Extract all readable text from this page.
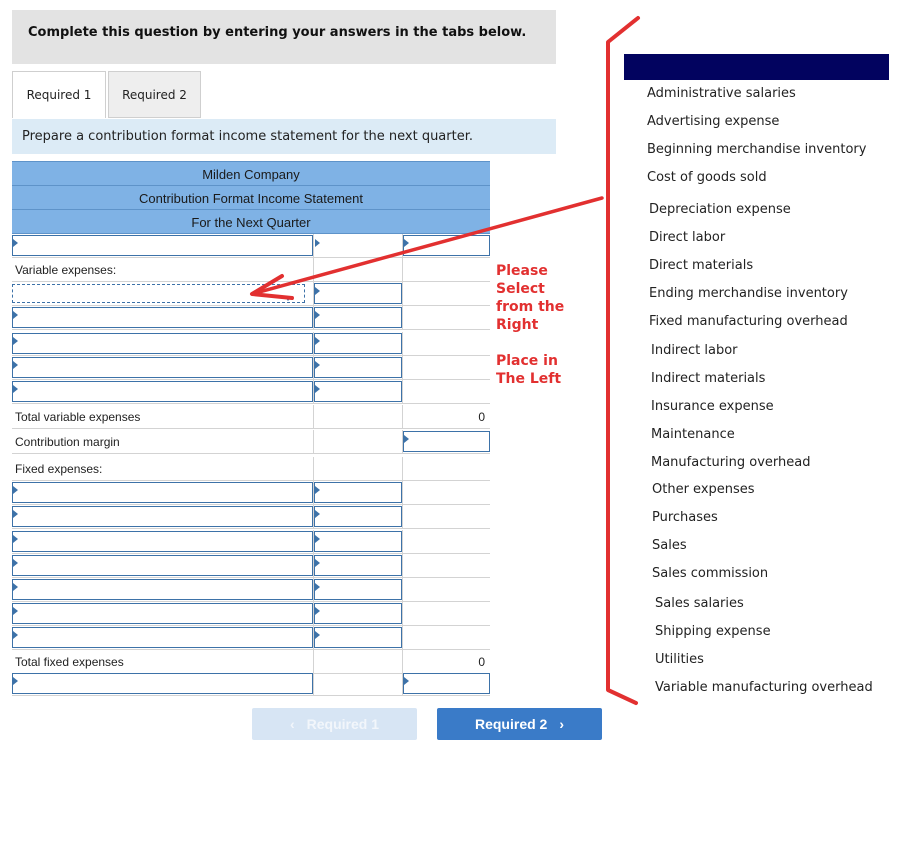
Complete this question by entering your answers in the tabs below.
Required 1	Required 2
Prepare a contribution format income statement for the next quarter.
Milden Company
Contribution Format Income Statement
For the Next Quarter
Variable expenses:
Total variable expenses	0
Contribution margin
Fixed expenses:
Total fixed expenses	0
‹ Required 1	Required 2 ›
Please
Select
from the
Right
Place in
The Left
Administrative salaries
Advertising expense
Beginning merchandise inventory
Cost of goods sold
Depreciation expense
Direct labor
Direct materials
Ending merchandise inventory
Fixed manufacturing overhead
Indirect labor
Indirect materials
Insurance expense
Maintenance
Manufacturing overhead
Other expenses
Purchases
Sales
Sales commission
Sales salaries
Shipping expense
Utilities
Variable manufacturing overhead
